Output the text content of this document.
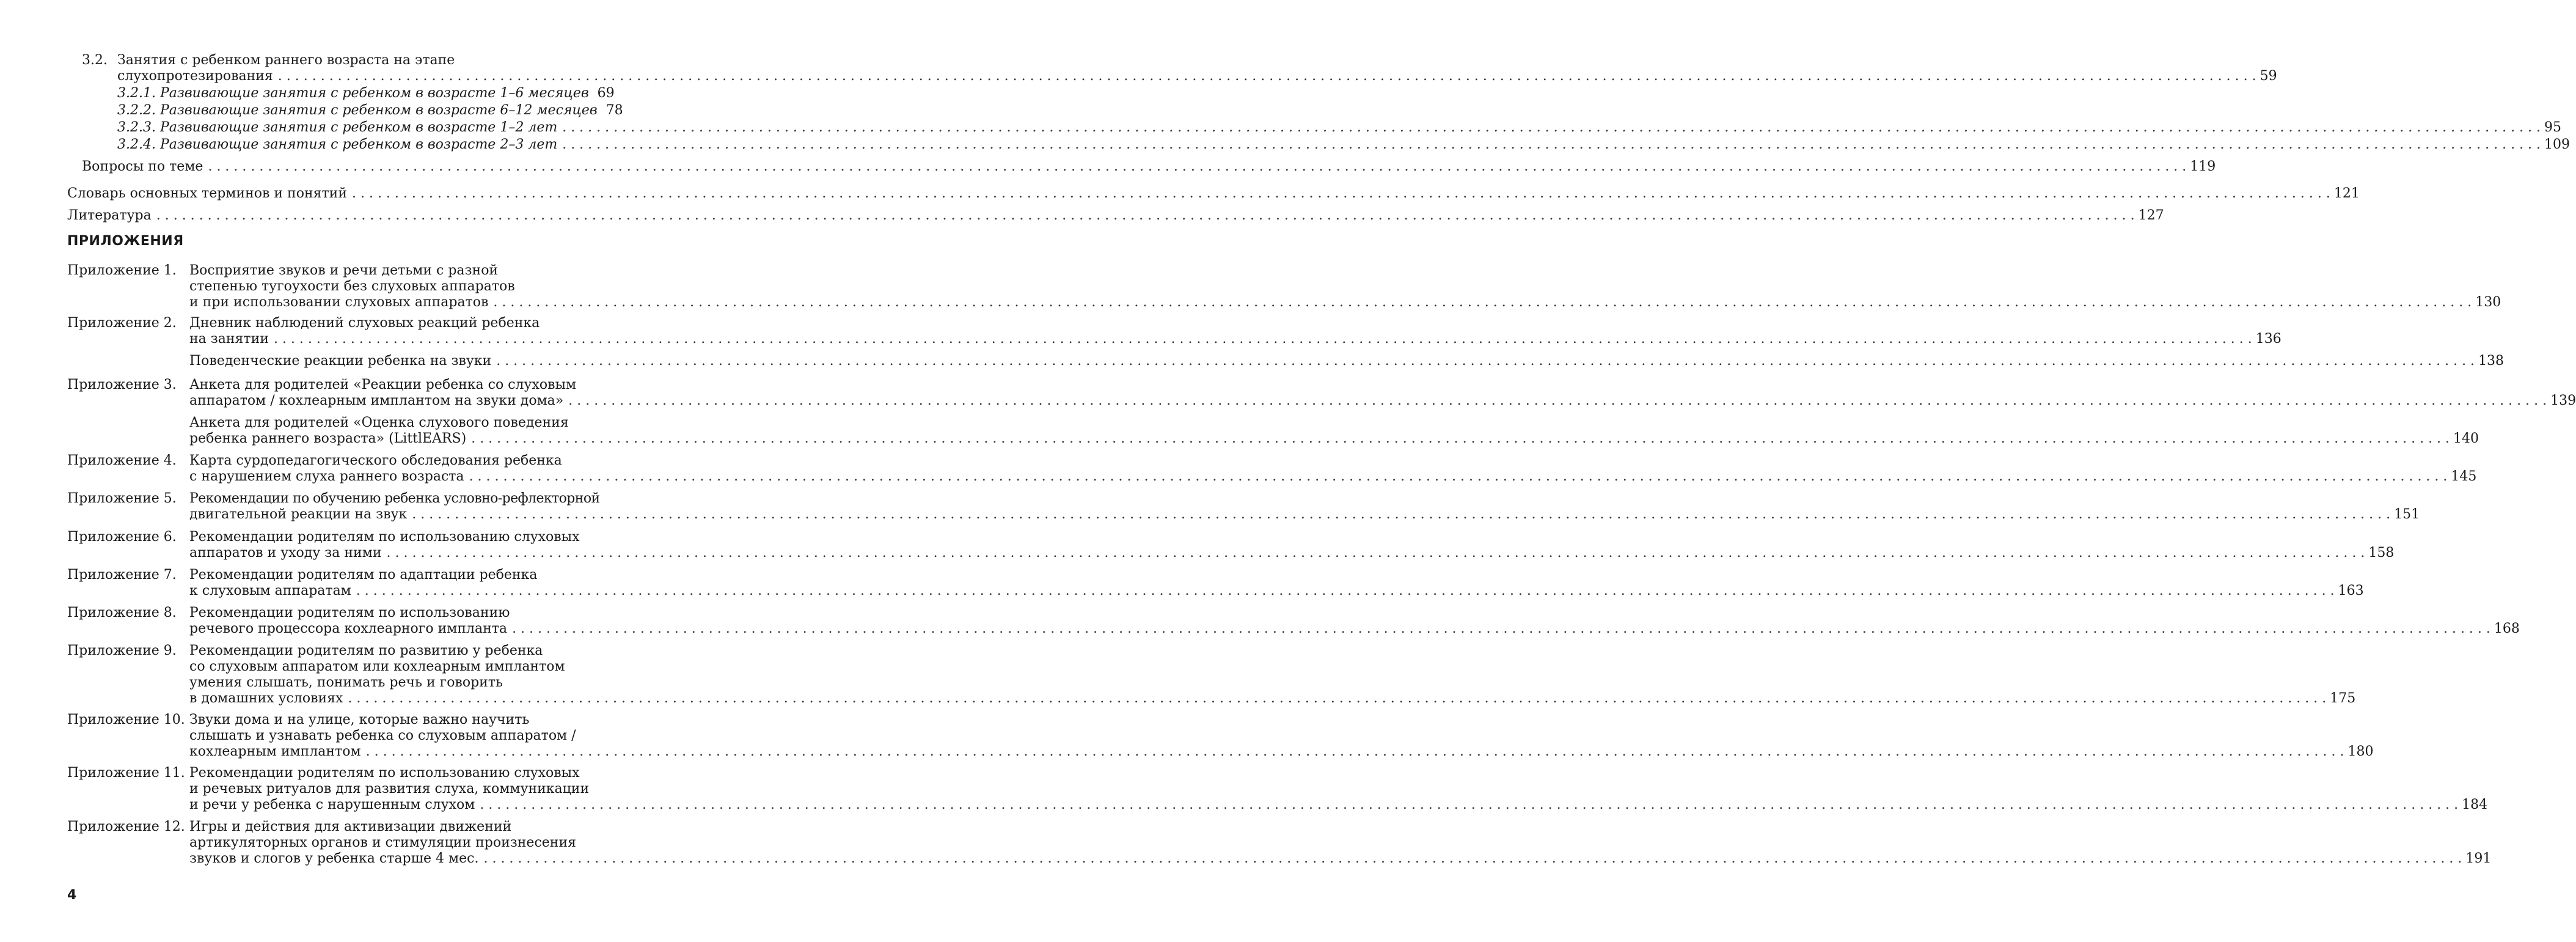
3.2. Занятия с ребенком раннего возраста на этапе
слухопротезирования . . .	59
3.2.1. Развивающие занятия с ребенком в возрасте 1–6 месяцев 69
3.2.2. Развивающие занятия с ребенком в возрасте 6–12 месяцев 78
3.2.3. Развивающие занятия с ребенком в возрасте 1–2 лет . . .	95
3.2.4. Развивающие занятия с ребенком в возрасте 2–3 лет . . .	109
Вопросы по теме . . .	119
Словарь основных терминов и понятий . . .	121
Литература . . .	127
ПРИЛОЖЕНИЯ
Приложение 1. Восприятие звуков и речи детьми с разной
степенью тугоухости без слуховых аппаратов
и при использовании слуховых аппаратов . . .	130
Приложение 2. Дневник наблюдений слуховых реакций ребенка
на занятии . . .	136
Поведенческие реакции ребенка на звуки . . .	138
Приложение 3. Анкета для родителей «Реакции ребенка со слуховым
аппаратом / кохлеарным имплантом на звуки дома» . . .	139
Анкета для родителей «Оценка слухового поведения
ребенка раннего возраста» (LittlEARS) . . .	140
Приложение 4. Карта сурдопедагогического обследования ребенка
с нарушением слуха раннего возраста . . .	145
Приложение 5. Рекомендации по обучению ребенка условно-рефлекторной
двигательной реакции на звук . . .	151
Приложение 6. Рекомендации родителям по использованию слуховых
аппаратов и уходу за ними . . .	158
Приложение 7. Рекомендации родителям по адаптации ребенка
к слуховым аппаратам . . .	163
Приложение 8. Рекомендации родителям по использованию
речевого процессора кохлеарного импланта . . .	168
Приложение 9. Рекомендации родителям по развитию у ребенка
со слуховым аппаратом или кохлеарным имплантом
умения слышать, понимать речь и говорить
в домашних условиях . . .	175
Приложение 10. Звуки дома и на улице, которые важно научить
слышать и узнавать ребенка со слуховым аппаратом /
кохлеарным имплантом . . .	180
Приложение 11. Рекомендации родителям по использованию слуховых
и речевых ритуалов для развития слуха, коммуникации
и речи у ребенка с нарушенным слухом . . .	184
Приложение 12. Игры и действия для активизации движений
артикуляторных органов и стимуляции произнесения
звуков и слогов у ребенка старше 4 мес. . . .	191
4
